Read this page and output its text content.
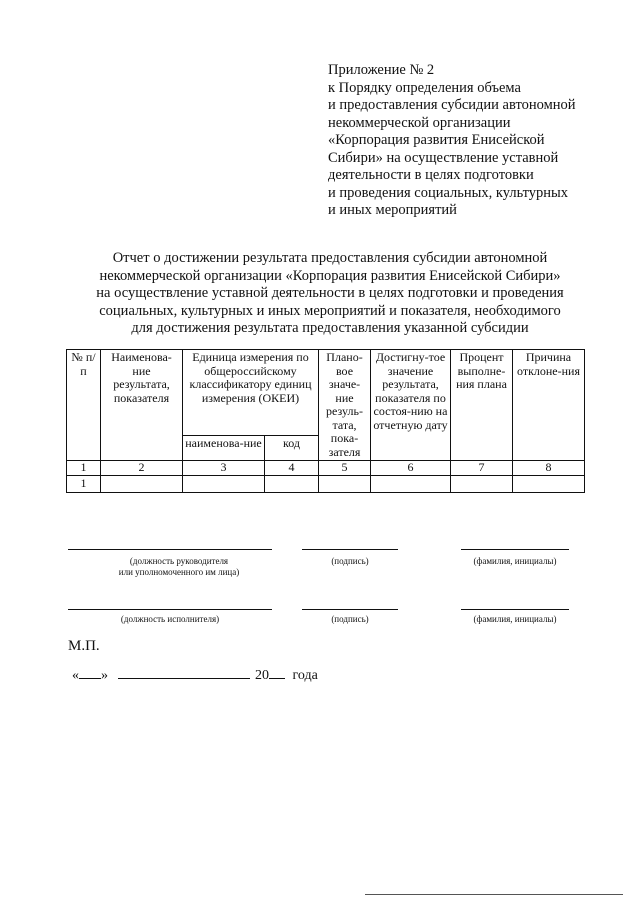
Приложение № 2
к Порядку определения объема
и предоставления субсидии автономной
некоммерческой организации
«Корпорация развития Енисейской
Сибири» на осуществление уставной
деятельности в целях подготовки
и проведения социальных, культурных
и иных мероприятий
Отчет о достижении результата предоставления субсидии автономной
некоммерческой организации «Корпорация развития Енисейской Сибири»
на осуществление уставной деятельности в целях подготовки и проведения
социальных, культурных и иных мероприятий и показателя, необходимого
для достижения результата предоставления указанной субсидии
№ п/п	Наименова-ние результата, показателя	Единица измерения по общероссийскому классификатору единиц измерения (ОКЕИ)		Плано-вое значе-ние резуль-тата, пока-зателя	Достигну-тое значение результата, показателя по состоя-нию на отчетную дату	Процент выполне-ния плана	Причина отклоне-ния
		наименова-ние	код				
1	2	3	4	5	6	7	8
1							
(должность руководителя
или уполномоченного им лица)
(подпись)	(фамилия, инициалы)
(должность исполнителя)	(подпись)	(фамилия, инициалы)
М.П.
« »	20 года
